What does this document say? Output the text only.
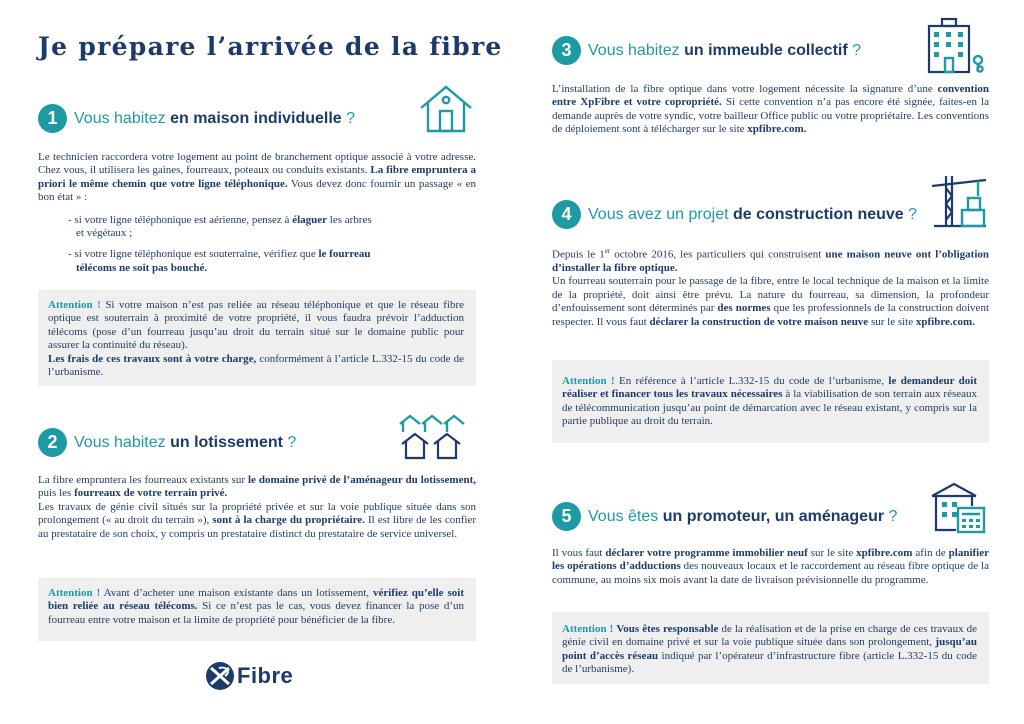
Je prépare l’arrivée de la fibre
1	Vous habitez en maison individuelle ?

Le technicien raccordera votre logement au point de branchement optique associé à votre adresse. Chez vous, il utilisera les gaines, fourreaux, poteaux ou conduits existants. La fibre empruntera a priori le même chemin que votre ligne téléphonique. Vous devez donc fournir un passage « en bon état » :

- si votre ligne téléphonique est aérienne, pensez à élaguer les arbres
et végétaux ;
- si votre ligne téléphonique est souterraine, vérifiez que le fourreau
télécoms ne soit pas bouché.

Attention ! Si votre maison n’est pas reliée au réseau téléphonique et que le réseau fibre optique est souterrain à proximité de votre propriété, il vous faudra prévoir l’adduction télécoms (pose d’un fourreau jusqu’au droit du terrain situé sur le domaine public pour assurer la continuité du réseau).

Les frais de ces travaux sont à votre charge, conformément à l’article L.332-15 du code de l’urbanisme.

2	Vous habitez un lotissement ?

La fibre empruntera les fourreaux existants sur le domaine privé de l’aménageur du lotissement, puis les fourreaux de votre terrain privé.

Les travaux de génie civil situés sur la propriété privée et sur la voie publique située dans son prolongement (« au droit du terrain »), sont à la charge du propriétaire. Il est libre de les confier au prestataire de son choix, y compris un prestataire distinct du prestataire de service universel.

Attention ! Avant d’acheter une maison existante dans un lotissement, vérifiez qu’elle soit bien reliée au réseau télécoms. Si ce n’est pas le cas, vous devez financer la pose d’un fourreau entre votre maison et la limite de propriété pour bénéficier de la fibre.

Fibre
3	Vous habitez un immeuble collectif ?

L’installation de la fibre optique dans votre logement nécessite la signature d’une convention entre XpFibre et votre copropriété. Si cette convention n’a pas encore été signée, faites-en la demande auprès de votre syndic, votre bailleur Office public ou votre propriétaire. Les conventions de déploiement sont à télécharger sur le site xpfibre.com.

4	Vous avez un projet de construction neuve ?

Depuis le 1er octobre 2016, les particuliers qui construisent une maison neuve ont l’obligation d’installer la fibre optique.

Un fourreau souterrain pour le passage de la fibre, entre le local technique de la maison et la limite de la propriété, doit ainsi être prévu. La nature du fourreau, sa dimension, la profondeur d’enfouissement sont déterminés par des normes que les professionnels de la construction doivent respecter. Il vous faut déclarer la construction de votre maison neuve sur le site xpfibre.com.

Attention ! En référence à l’article L.332-15 du code de l’urbanisme, le demandeur doit réaliser et financer tous les travaux nécessaires à la viabilisation de son terrain aux réseaux de télécommunication jusqu’au point de démarcation avec le réseau existant, y compris sur la partie publique au droit du terrain.

5	Vous êtes un promoteur, un aménageur ?

Il vous faut déclarer votre programme immobilier neuf sur le site xpfibre.com afin de planifier les opérations d’adductions des nouveaux locaux et le raccordement au réseau fibre optique de la commune, au moins six mois avant la date de livraison prévisionnelle du programme.

Attention ! Vous êtes responsable de la réalisation et de la prise en charge de ces travaux de génie civil en domaine privé et sur la voie publique située dans son prolongement, jusqu’au point d’accès réseau indiqué par l’opérateur d’infrastructure fibre (article L.332-15 du code de l’urbanisme).
